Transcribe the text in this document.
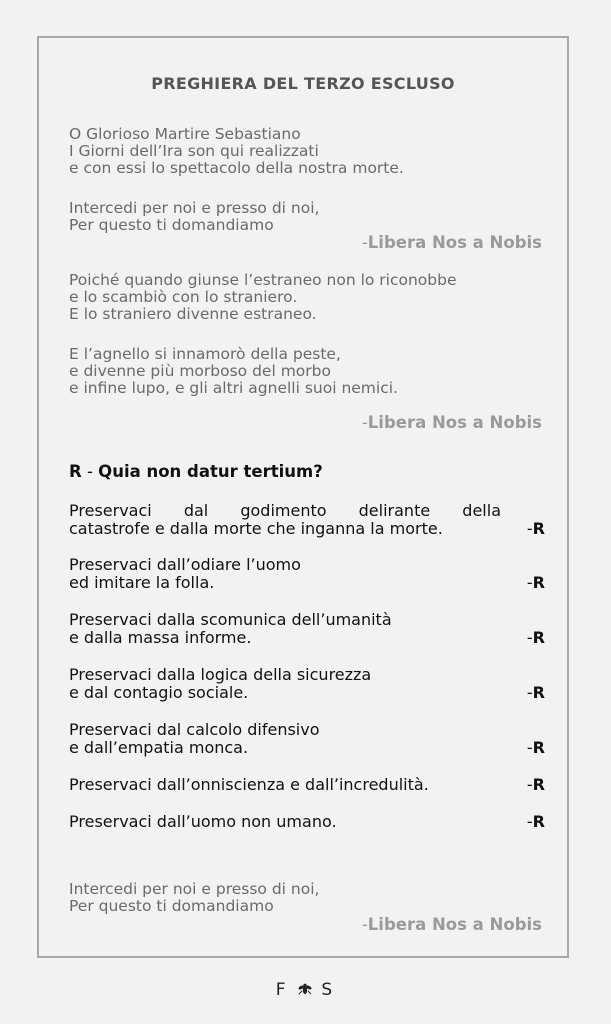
PREGHIERA DEL TERZO ESCLUSO
O Glorioso Martire Sebastiano
I Giorni dell’Ira son qui realizzati
e con essi lo spettacolo della nostra morte.
Intercedi per noi e presso di noi,
Per questo ti domandiamo
-Libera Nos a Nobis
Poiché quando giunse l’estraneo non lo riconobbe
e lo scambiò con lo straniero.
E lo straniero divenne estraneo.
E l’agnello si innamorò della peste,
e divenne più morboso del morbo
e infine lupo, e gli altri agnelli suoi nemici.
-Libera Nos a Nobis
R - Quia non datur tertium?
Preservaci dal godimento delirante della
catastrofe e dalla morte che inganna la morte.	-R
Preservaci dall’odiare l’uomo
ed imitare la folla.	-R
Preservaci dalla scomunica dell’umanità
e dalla massa informe.	-R
Preservaci dalla logica della sicurezza
e dal contagio sociale.	-R
Preservaci dal calcolo difensivo
e dall’empatia monca.	-R
Preservaci dall’onniscienza e dall’incredulità.	-R
Preservaci dall’uomo non umano.	-R
Intercedi per noi e presso di noi,
Per questo ti domandiamo
-Libera Nos a Nobis
F S
